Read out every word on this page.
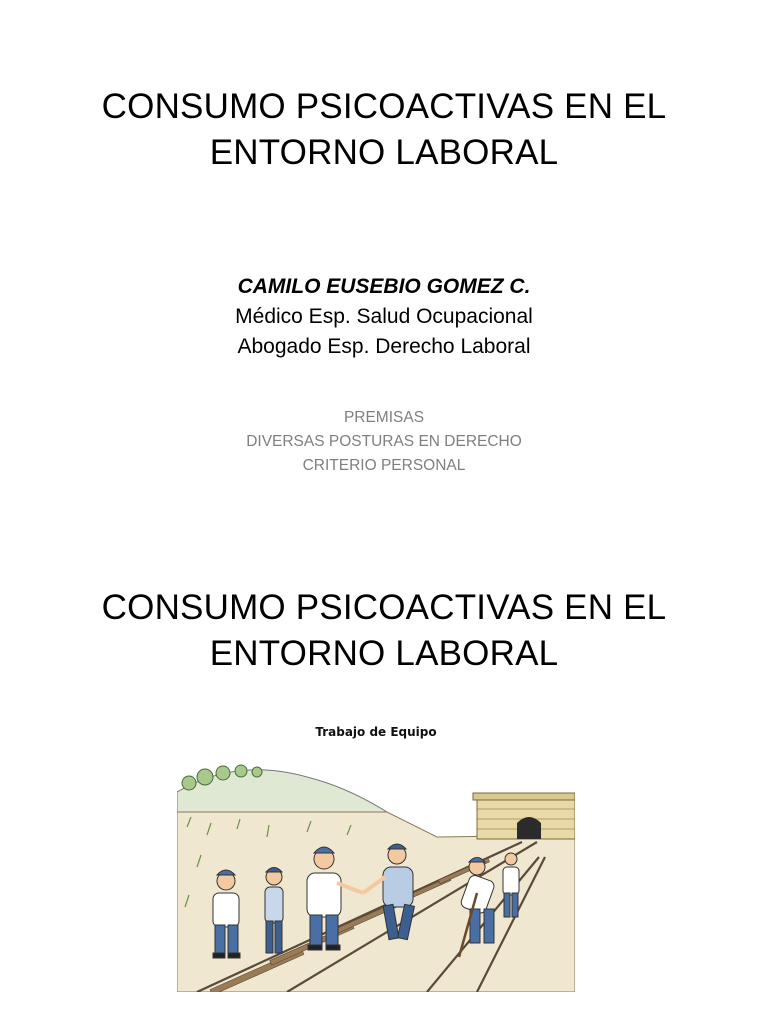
CONSUMO PSICOACTIVAS EN EL
ENTORNO LABORAL
CAMILO EUSEBIO GOMEZ C.
Médico Esp. Salud Ocupacional
Abogado Esp. Derecho Laboral
PREMISAS
DIVERSAS POSTURAS EN DERECHO
CRITERIO PERSONAL
CONSUMO PSICOACTIVAS EN EL
ENTORNO LABORAL
Trabajo de Equipo
